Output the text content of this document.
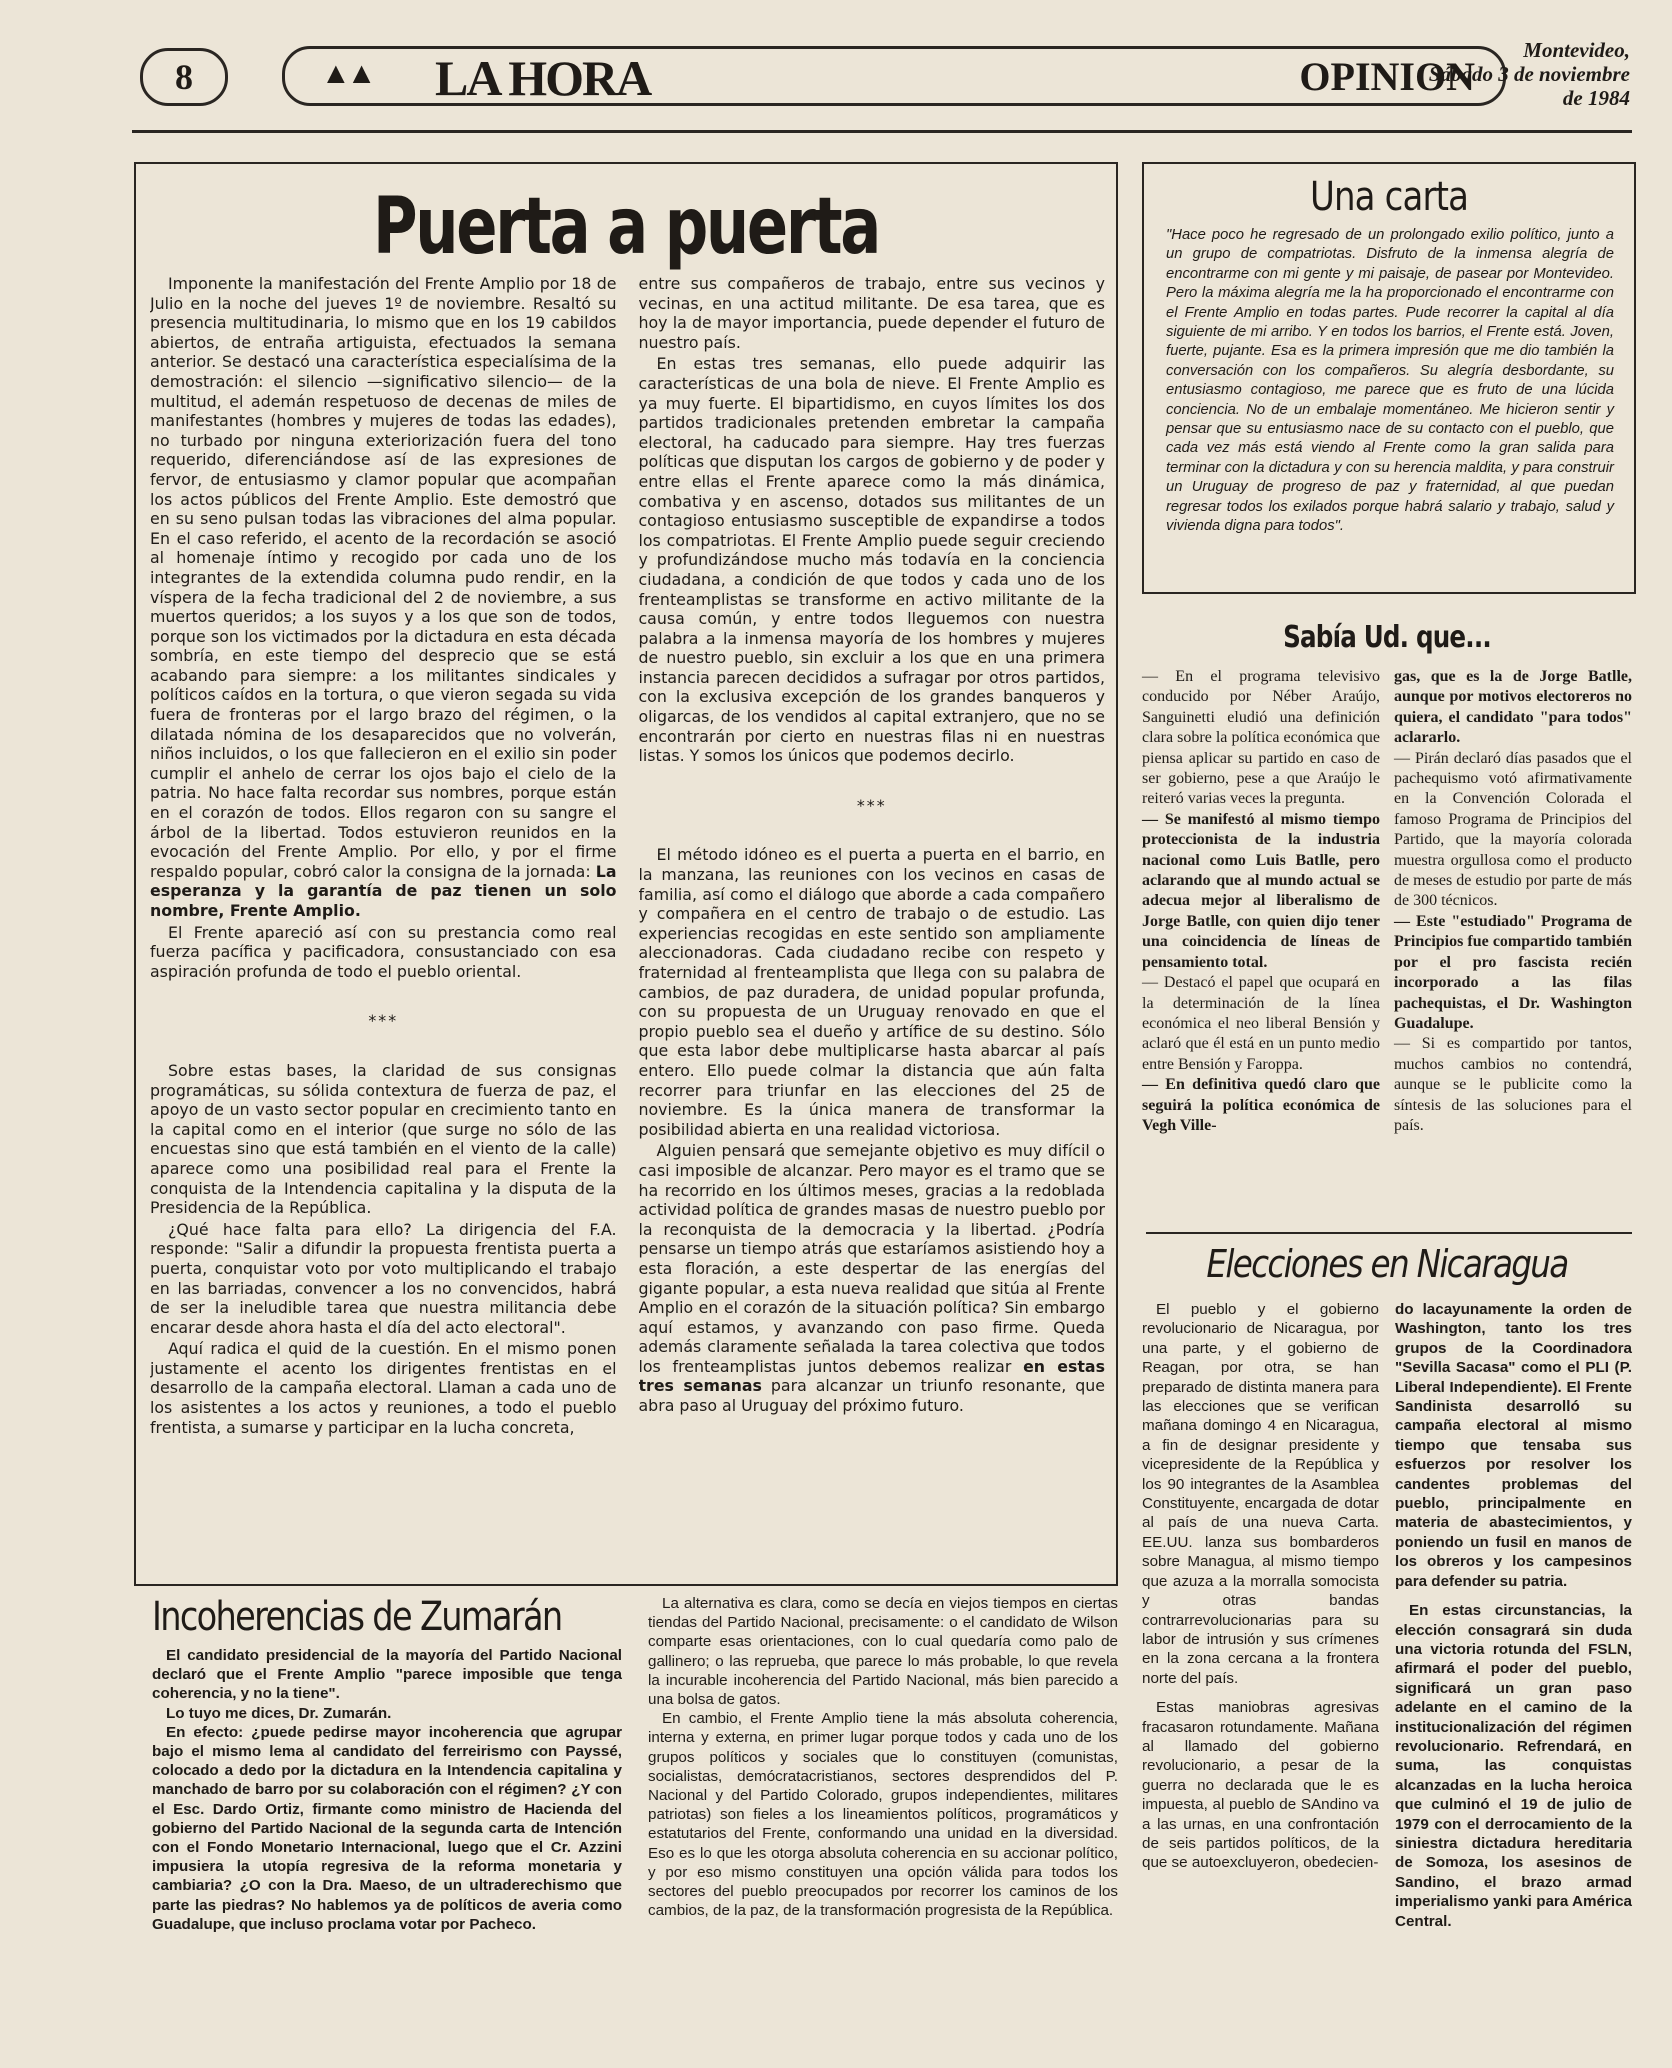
8	▲▲ LA HORA	OPINION
Montevideo,
Sábado 3 de noviembre
de 1984
Puerta a puerta

Imponente la manifestación del Frente Amplio por 18 de Julio en la noche del jueves 1º de noviembre. Resaltó su presencia multitudinaria, lo mismo que en los 19 cabildos abiertos, de entraña artiguista, efectuados la semana anterior. Se destacó una característica especialísima de la demostración: el silencio —significativo silencio— de la multitud, el ademán respetuoso de decenas de miles de manifestantes (hombres y mujeres de todas las edades), no turbado por ninguna exteriorización fuera del tono requerido, diferenciándose así de las expresiones de fervor, de entusiasmo y clamor popular que acompañan los actos públicos del Frente Amplio. Este demostró que en su seno pulsan todas las vibraciones del alma popular. En el caso referido, el acento de la recordación se asoció al homenaje íntimo y recogido por cada uno de los integrantes de la extendida columna pudo rendir, en la víspera de la fecha tradicional del 2 de noviembre, a sus muertos queridos; a los suyos y a los que son de todos, porque son los victimados por la dictadura en esta década sombría, en este tiempo del desprecio que se está acabando para siempre: a los militantes sindicales y políticos caídos en la tortura, o que vieron segada su vida fuera de fronteras por el largo brazo del régimen, o la dilatada nómina de los desaparecidos que no volverán, niños incluidos, o los que fallecieron en el exilio sin poder cumplir el anhelo de cerrar los ojos bajo el cielo de la patria. No hace falta recordar sus nombres, porque están en el corazón de todos. Ellos regaron con su sangre el árbol de la libertad. Todos estuvieron reunidos en la evocación del Frente Amplio. Por ello, y por el firme respaldo popular, cobró calor la consigna de la jornada: La esperanza y la garantía de paz tienen un solo nombre, Frente Amplio.

El Frente apareció así con su prestancia como real fuerza pacífica y pacificadora, consustanciado con esa aspiración profunda de todo el pueblo oriental.

***

Sobre estas bases, la claridad de sus consignas programáticas, su sólida contextura de fuerza de paz, el apoyo de un vasto sector popular en crecimiento tanto en la capital como en el interior (que surge no sólo de las encuestas sino que está también en el viento de la calle) aparece como una posibilidad real para el Frente la conquista de la Intendencia capitalina y la disputa de la Presidencia de la República.

¿Qué hace falta para ello? La dirigencia del F.A. responde: "Salir a difundir la propuesta frentista puerta a puerta, conquistar voto por voto multiplicando el trabajo en las barriadas, convencer a los no convencidos, habrá de ser la ineludible tarea que nuestra militancia debe encarar desde ahora hasta el día del acto electoral".

Aquí radica el quid de la cuestión. En el mismo ponen justamente el acento los dirigentes frentistas en el desarrollo de la campaña electoral. Llaman a cada uno de los asistentes a los actos y reuniones, a todo el pueblo frentista, a sumarse y participar en la lucha concreta,

entre sus compañeros de trabajo, entre sus vecinos y vecinas, en una actitud militante. De esa tarea, que es hoy la de mayor importancia, puede depender el futuro de nuestro país.

En estas tres semanas, ello puede adquirir las características de una bola de nieve. El Frente Amplio es ya muy fuerte. El bipartidismo, en cuyos límites los dos partidos tradicionales pretenden embretar la campaña electoral, ha caducado para siempre. Hay tres fuerzas políticas que disputan los cargos de gobierno y de poder y entre ellas el Frente aparece como la más dinámica, combativa y en ascenso, dotados sus militantes de un contagioso entusiasmo susceptible de expandirse a todos los compatriotas. El Frente Amplio puede seguir creciendo y profundizándose mucho más todavía en la conciencia ciudadana, a condición de que todos y cada uno de los frenteamplistas se transforme en activo militante de la causa común, y entre todos lleguemos con nuestra palabra a la inmensa mayoría de los hombres y mujeres de nuestro pueblo, sin excluir a los que en una primera instancia parecen decididos a sufragar por otros partidos, con la exclusiva excepción de los grandes banqueros y oligarcas, de los vendidos al capital extranjero, que no se encontrarán por cierto en nuestras filas ni en nuestras listas. Y somos los únicos que podemos decirlo.

***

El método idóneo es el puerta a puerta en el barrio, en la manzana, las reuniones con los vecinos en casas de familia, así como el diálogo que aborde a cada compañero y compañera en el centro de trabajo o de estudio. Las experiencias recogidas en este sentido son ampliamente aleccionadoras. Cada ciudadano recibe con respeto y fraternidad al frenteamplista que llega con su palabra de cambios, de paz duradera, de unidad popular profunda, con su propuesta de un Uruguay renovado en que el propio pueblo sea el dueño y artífice de su destino. Sólo que esta labor debe multiplicarse hasta abarcar al país entero. Ello puede colmar la distancia que aún falta recorrer para triunfar en las elecciones del 25 de noviembre. Es la única manera de transformar la posibilidad abierta en una realidad victoriosa.

Alguien pensará que semejante objetivo es muy difícil o casi imposible de alcanzar. Pero mayor es el tramo que se ha recorrido en los últimos meses, gracias a la redoblada actividad política de grandes masas de nuestro pueblo por la reconquista de la democracia y la libertad. ¿Podría pensarse un tiempo atrás que estaríamos asistiendo hoy a esta floración, a este despertar de las energías del gigante popular, a esta nueva realidad que sitúa al Frente Amplio en el corazón de la situación política? Sin embargo aquí estamos, y avanzando con paso firme. Queda además claramente señalada la tarea colectiva que todos los frenteamplistas juntos debemos realizar en estas tres semanas para alcanzar un triunfo resonante, que abra paso al Uruguay del próximo futuro.

Una carta
"Hace poco he regresado de un prolongado exilio político, junto a un grupo de compatriotas. Disfruto de la inmensa alegría de encontrarme con mi gente y mi paisaje, de pasear por Montevideo. Pero la máxima alegría me la ha proporcionado el encontrarme con el Frente Amplio en todas partes. Pude recorrer la capital al día siguiente de mi arribo. Y en todos los barrios, el Frente está. Joven, fuerte, pujante. Esa es la primera impresión que me dio también la conversación con los compañeros. Su alegría desbordante, su entusiasmo contagioso, me parece que es fruto de una lúcida conciencia. No de un embalaje momentáneo. Me hicieron sentir y pensar que su entusiasmo nace de su contacto con el pueblo, que cada vez más está viendo al Frente como la gran salida para terminar con la dictadura y con su herencia maldita, y para construir un Uruguay de progreso de paz y fraternidad, al que puedan regresar todos los exilados porque habrá salario y trabajo, salud y vivienda digna para todos".
Sabía Ud. que...

— En el programa televisivo conducido por Néber Araújo, Sanguinetti eludió una definición clara sobre la política económica que piensa aplicar su partido en caso de ser gobierno, pese a que Araújo le reiteró varias veces la pregunta.

— Se manifestó al mismo tiempo proteccionista de la industria nacional como Luis Batlle, pero aclarando que al mundo actual se adecua mejor al liberalismo de Jorge Batlle, con quien dijo tener una coincidencia de líneas de pensamiento total.

— Destacó el papel que ocupará en la determinación de la línea económica el neo liberal Bensión y aclaró que él está en un punto medio entre Bensión y Faroppa.

— En definitiva quedó claro que seguirá la política económica de Vegh Ville-

gas, que es la de Jorge Batlle, aunque por motivos electoreros no quiera, el candidato "para todos" aclararlo.

— Pirán declaró días pasados que el pachequismo votó afirmativamente en la Convención Colorada el famoso Programa de Principios del Partido, que la mayoría colorada muestra orgullosa como el producto de meses de estudio por parte de más de 300 técnicos.

— Este "estudiado" Programa de Principios fue compartido también por el pro fascista recién incorporado a las filas pachequistas, el Dr. Washington Guadalupe.

— Si es compartido por tantos, muchos cambios no contendrá, aunque se le publicite como la síntesis de las soluciones para el país.

Elecciones en Nicaragua

El pueblo y el gobierno revolucionario de Nicaragua, por una parte, y el gobierno de Reagan, por otra, se han preparado de distinta manera para las elecciones que se verifican mañana domingo 4 en Nicaragua, a fin de designar presidente y vicepresidente de la República y los 90 integrantes de la Asamblea Constituyente, encargada de dotar al país de una nueva Carta. EE.UU. lanza sus bombarderos sobre Managua, al mismo tiempo que azuza a la morralla somocista y otras bandas contrarrevolucionarias para su labor de intrusión y sus crímenes en la zona cercana a la frontera norte del país.

Estas maniobras agresivas fracasaron rotundamente. Mañana al llamado del gobierno revolucionario, a pesar de la guerra no declarada que le es impuesta, al pueblo de SAndino va a las urnas, en una confrontación de seis partidos políticos, de la que se autoexcluyeron, obedecien-

do lacayunamente la orden de Washington, tanto los tres grupos de la Coordinadora "Sevilla Sacasa" como el PLI (P. Liberal Independiente). El Frente Sandinista desarrolló su campaña electoral al mismo tiempo que tensaba sus esfuerzos por resolver los candentes problemas del pueblo, principalmente en materia de abastecimientos, y poniendo un fusil en manos de los obreros y los campesinos para defender su patria.

En estas circunstancias, la elección consagrará sin duda una victoria rotunda del FSLN, afirmará el poder del pueblo, significará un gran paso adelante en el camino de la institucionalización del régimen revolucionario. Refrendará, en suma, las conquistas alcanzadas en la lucha heroica que culminó el 19 de julio de 1979 con el derrocamiento de la siniestra dictadura hereditaria de Somoza, los asesinos de Sandino, el brazo armad imperialismo yanki para América Central.

Incoherencias de Zumarán

El candidato presidencial de la mayoría del Partido Nacional declaró que el Frente Amplio "parece imposible que tenga coherencia, y no la tiene".

Lo tuyo me dices, Dr. Zumarán.

En efecto: ¿puede pedirse mayor incoherencia que agrupar bajo el mismo lema al candidato del ferreirismo con Payssé, colocado a dedo por la dictadura en la Intendencia capitalina y manchado de barro por su colaboración con el régimen? ¿Y con el Esc. Dardo Ortiz, firmante como ministro de Hacienda del gobierno del Partido Nacional de la segunda carta de Intención con el Fondo Monetario Internacional, luego que el Cr. Azzini impusiera la utopía regresiva de la reforma monetaria y cambiaria? ¿O con la Dra. Maeso, de un ultraderechismo que parte las piedras? No hablemos ya de políticos de averia como Guadalupe, que incluso proclama votar por Pacheco.

La alternativa es clara, como se decía en viejos tiempos en ciertas tiendas del Partido Nacional, precisamente: o el candidato de Wilson comparte esas orientaciones, con lo cual quedaría como palo de gallinero; o las repruebа, que parece lo más probable, lo que revela la incurable incoherencia del Partido Nacional, más bien parecido a una bolsa de gatos.

En cambio, el Frente Amplio tiene la más absoluta coherencia, interna y externa, en primer lugar porque todos y cada uno de los grupos políticos y sociales que lo constituyen (comunistas, socialistas, demócratacristianos, sectores desprendidos del P. Nacional y del Partido Colorado, grupos independientes, militares patriotas) son fieles a los lineamientos políticos, programáticos y estatutarios del Frente, conformando una unidad en la diversidad. Eso es lo que les otorga absoluta coherencia en su accionar político, y por eso mismo constituyen una opción válida para todos los sectores del pueblo preocupados por recorrer los caminos de los cambios, de la paz, de la transformación progresista de la República.
